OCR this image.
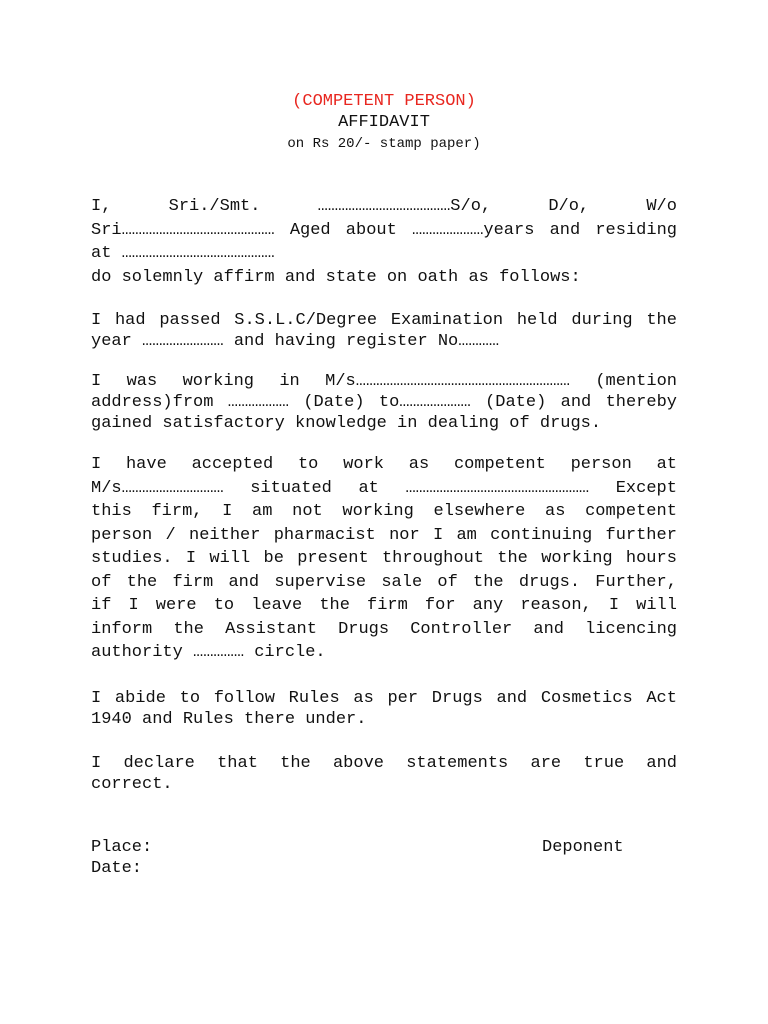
(COMPETENT PERSON)
AFFIDAVIT
on Rs 20/- stamp paper)
I,	Sri./Smt.	…………………………………S/o,	D/o,	W/o
Sri……………………………………… Aged about …………………years and residing
at ………………………………………
do solemnly affirm and state on oath as follows:
I had passed S.S.L.C/Degree Examination held during the
year …………………… and having register No…………
I was working in M/s……………………………………………………… (mention
address)from ……………… (Date) to………………… (Date) and thereby
gained satisfactory knowledge in dealing of drugs.
I have accepted to work as competent person at
M/s………………………… situated at ……………………………………………… Except
this firm, I am not working elsewhere as competent
person / neither pharmacist nor I am continuing further
studies. I will be present throughout the working hours
of the firm and supervise sale of the drugs. Further,
if I were to leave the firm for any reason, I will
inform the Assistant Drugs Controller and licencing
authority …………… circle.
I abide to follow Rules as per Drugs and Cosmetics Act
1940 and Rules there under.
I declare that the above statements are true and
correct.
Place:
Date:
Deponent
